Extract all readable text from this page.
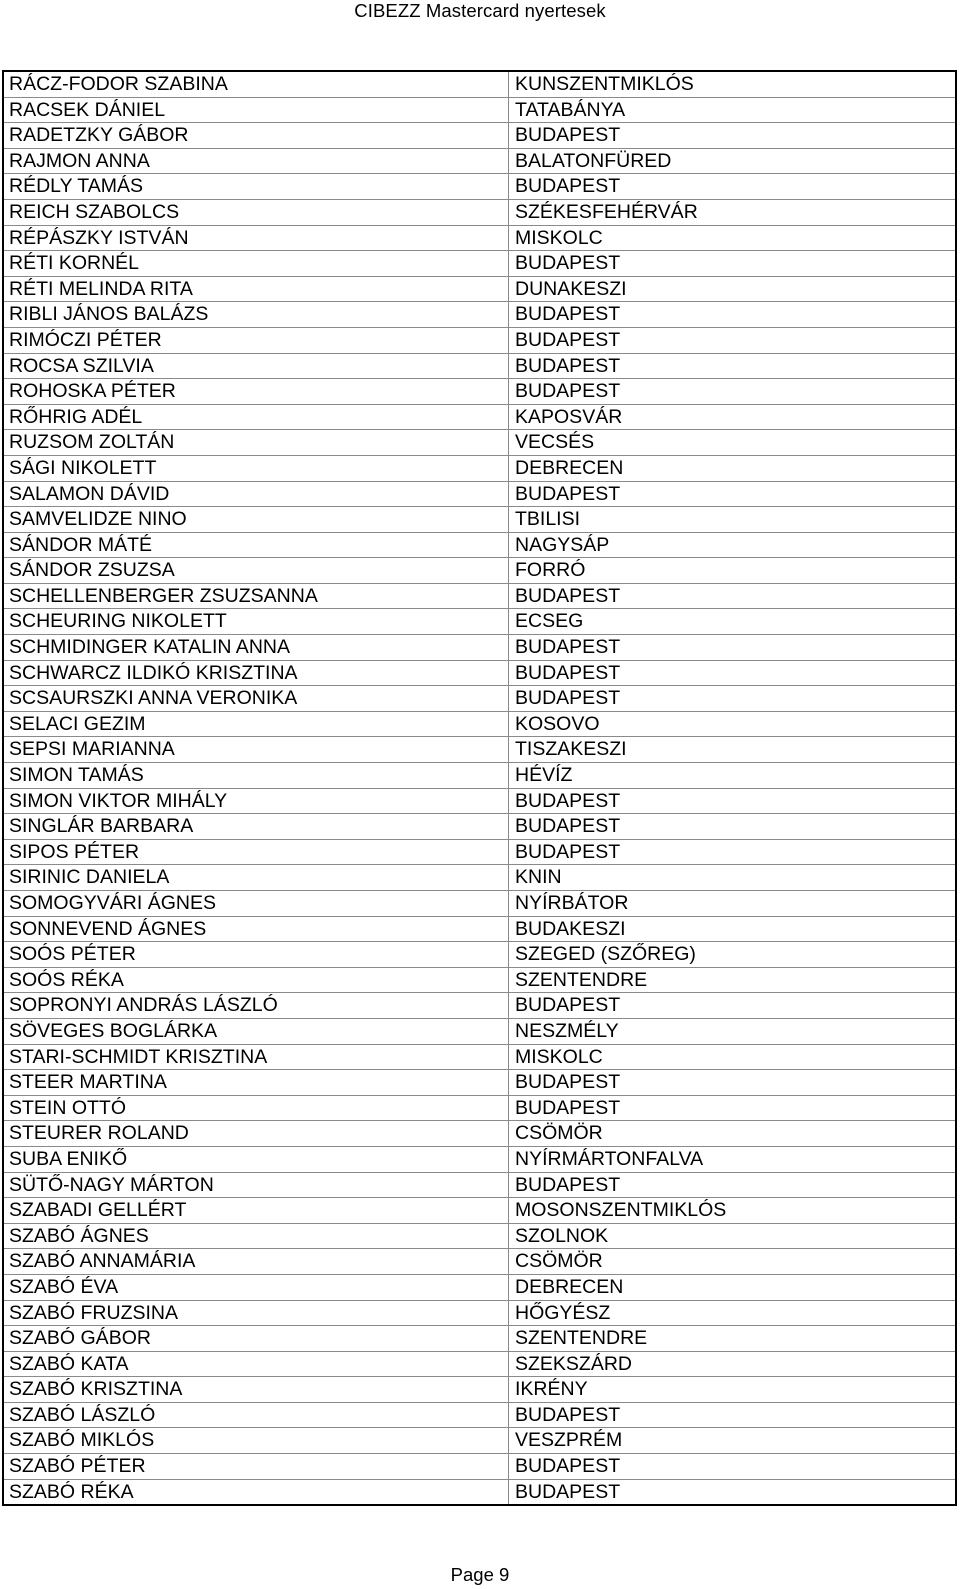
CIBEZZ Mastercard nyertesek
RÁCZ-FODOR SZABINA	KUNSZENTMIKLÓS
RACSEK DÁNIEL	TATABÁNYA
RADETZKY GÁBOR	BUDAPEST
RAJMON ANNA	BALATONFÜRED
RÉDLY TAMÁS	BUDAPEST
REICH SZABOLCS	SZÉKESFEHÉRVÁR
RÉPÁSZKY ISTVÁN	MISKOLC
RÉTI KORNÉL	BUDAPEST
RÉTI MELINDA RITA	DUNAKESZI
RIBLI JÁNOS BALÁZS	BUDAPEST
RIMÓCZI PÉTER	BUDAPEST
ROCSA SZILVIA	BUDAPEST
ROHOSKA PÉTER	BUDAPEST
RŐHRIG ADÉL	KAPOSVÁR
RUZSOM ZOLTÁN	VECSÉS
SÁGI NIKOLETT	DEBRECEN
SALAMON DÁVID	BUDAPEST
SAMVELIDZE NINO	TBILISI
SÁNDOR MÁTÉ	NAGYSÁP
SÁNDOR ZSUZSA	FORRÓ
SCHELLENBERGER ZSUZSANNA	BUDAPEST
SCHEURING NIKOLETT	ECSEG
SCHMIDINGER KATALIN ANNA	BUDAPEST
SCHWARCZ ILDIKÓ KRISZTINA	BUDAPEST
SCSAURSZKI ANNA VERONIKA	BUDAPEST
SELACI GEZIM	KOSOVO
SEPSI MARIANNA	TISZAKESZI
SIMON TAMÁS	HÉVÍZ
SIMON VIKTOR MIHÁLY	BUDAPEST
SINGLÁR BARBARA	BUDAPEST
SIPOS PÉTER	BUDAPEST
SIRINIC DANIELA	KNIN
SOMOGYVÁRI ÁGNES	NYÍRBÁTOR
SONNEVEND ÁGNES	BUDAKESZI
SOÓS PÉTER	SZEGED (SZŐREG)
SOÓS RÉKA	SZENTENDRE
SOPRONYI ANDRÁS LÁSZLÓ	BUDAPEST
SÖVEGES BOGLÁRKA	NESZMÉLY
STARI-SCHMIDT KRISZTINA	MISKOLC
STEER MARTINA	BUDAPEST
STEIN OTTÓ	BUDAPEST
STEURER ROLAND	CSÖMÖR
SUBA ENIKŐ	NYÍRMÁRTONFALVA
SÜTŐ-NAGY MÁRTON	BUDAPEST
SZABADI GELLÉRT	MOSONSZENTMIKLÓS
SZABÓ ÁGNES	SZOLNOK
SZABÓ ANNAMÁRIA	CSÖMÖR
SZABÓ ÉVA	DEBRECEN
SZABÓ FRUZSINA	HŐGYÉSZ
SZABÓ GÁBOR	SZENTENDRE
SZABÓ KATA	SZEKSZÁRD
SZABÓ KRISZTINA	IKRÉNY
SZABÓ LÁSZLÓ	BUDAPEST
SZABÓ MIKLÓS	VESZPRÉM
SZABÓ PÉTER	BUDAPEST
SZABÓ RÉKA	BUDAPEST
Page 9
